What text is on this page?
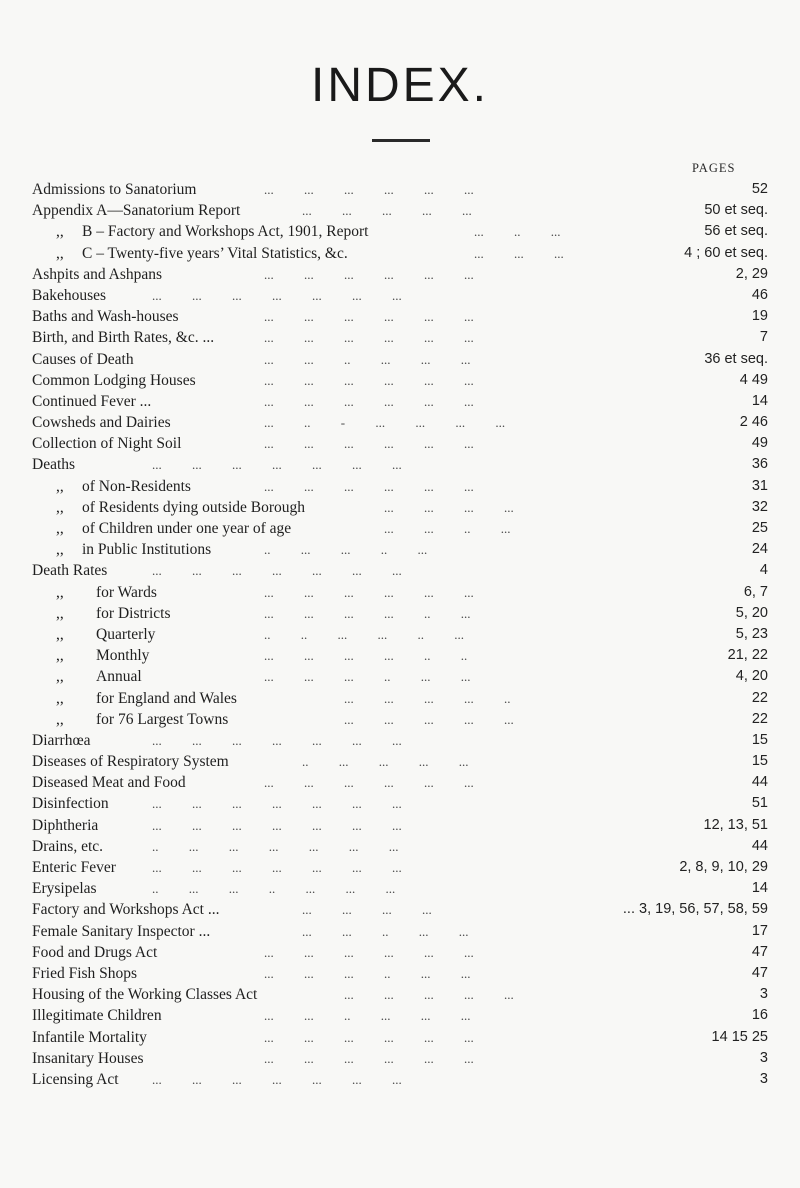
INDEX.
PAGES
Admissions to Sanatorium	... ... ... ... ... ...	52
Appendix A—Sanatorium Report	... ... ... ... ...	50 et seq.
,, B – Factory and Workshops Act, 1901, Report	... .. ...	56 et seq.
,, C – Twenty-five years’ Vital Statistics, &c.	... ... ...	4 ; 60 et seq.
Ashpits and Ashpans	... ... ... ... ... ...	2, 29
Bakehouses	... ... ... ... ... ... ...	46
Baths and Wash-houses	... ... ... ... ... ...	19
Birth, and Birth Rates, &c. ...	... ... ... ... ... ...	7
Causes of Death	... ... .. ... ... ...	36 et seq.
Common Lodging Houses	... ... ... ... ... ...	4 49
Continued Fever ...	... ... ... ... ... ...	14
Cowsheds and Dairies	... .. - ... ... ... ...	2 46
Collection of Night Soil	... ... ... ... ... ...	49
Deaths	... ... ... ... ... ... ...	36
,, of Non-Residents	... ... ... ... ... ...	31
,, of Residents dying outside Borough	... ... ... ...	32
,, of Children under one year of age	... ... .. ...	25
,, in Public Institutions	.. ... ... .. ...	24
Death Rates	... ... ... ... ... ... ...	4
,, for Wards	... ... ... ... ... ...	6, 7
,, for Districts	... ... ... ... .. ...	5, 20
,, Quarterly	.. .. ... ... .. ...	5, 23
,, Monthly	... ... ... ... .. ..	21, 22
,, Annual	... ... ... .. ... ...	4, 20
,, for England and Wales	... ... ... ... ..	22
,, for 76 Largest Towns	... ... ... ... ...	22
Diarrhœa	... ... ... ... ... ... ...	15
Diseases of Respiratory System	.. ... ... ... ...	15
Diseased Meat and Food	... ... ... ... ... ...	44
Disinfection	... ... ... ... ... ... ...	51
Diphtheria	... ... ... ... ... ... ...	12, 13, 51
Drains, etc.	.. ... ... ... ... ... ...	44
Enteric Fever	... ... ... ... ... ... ...	2, 8, 9, 10, 29
Erysipelas	.. ... ... .. ... ... ...	14
Factory and Workshops Act ...	... ... ... ...	... 3, 19, 56, 57, 58, 59
Female Sanitary Inspector ...	... ... .. ... ...	17
Food and Drugs Act	... ... ... ... ... ...	47
Fried Fish Shops	... ... ... .. ... ...	47
Housing of the Working Classes Act	... ... ... ... ...	3
Illegitimate Children	... ... .. ... ... ...	16
Infantile Mortality	... ... ... ... ... ...	14 15 25
Insanitary Houses	... ... ... ... ... ...	3
Licensing Act	... ... ... ... ... ... ...	3
